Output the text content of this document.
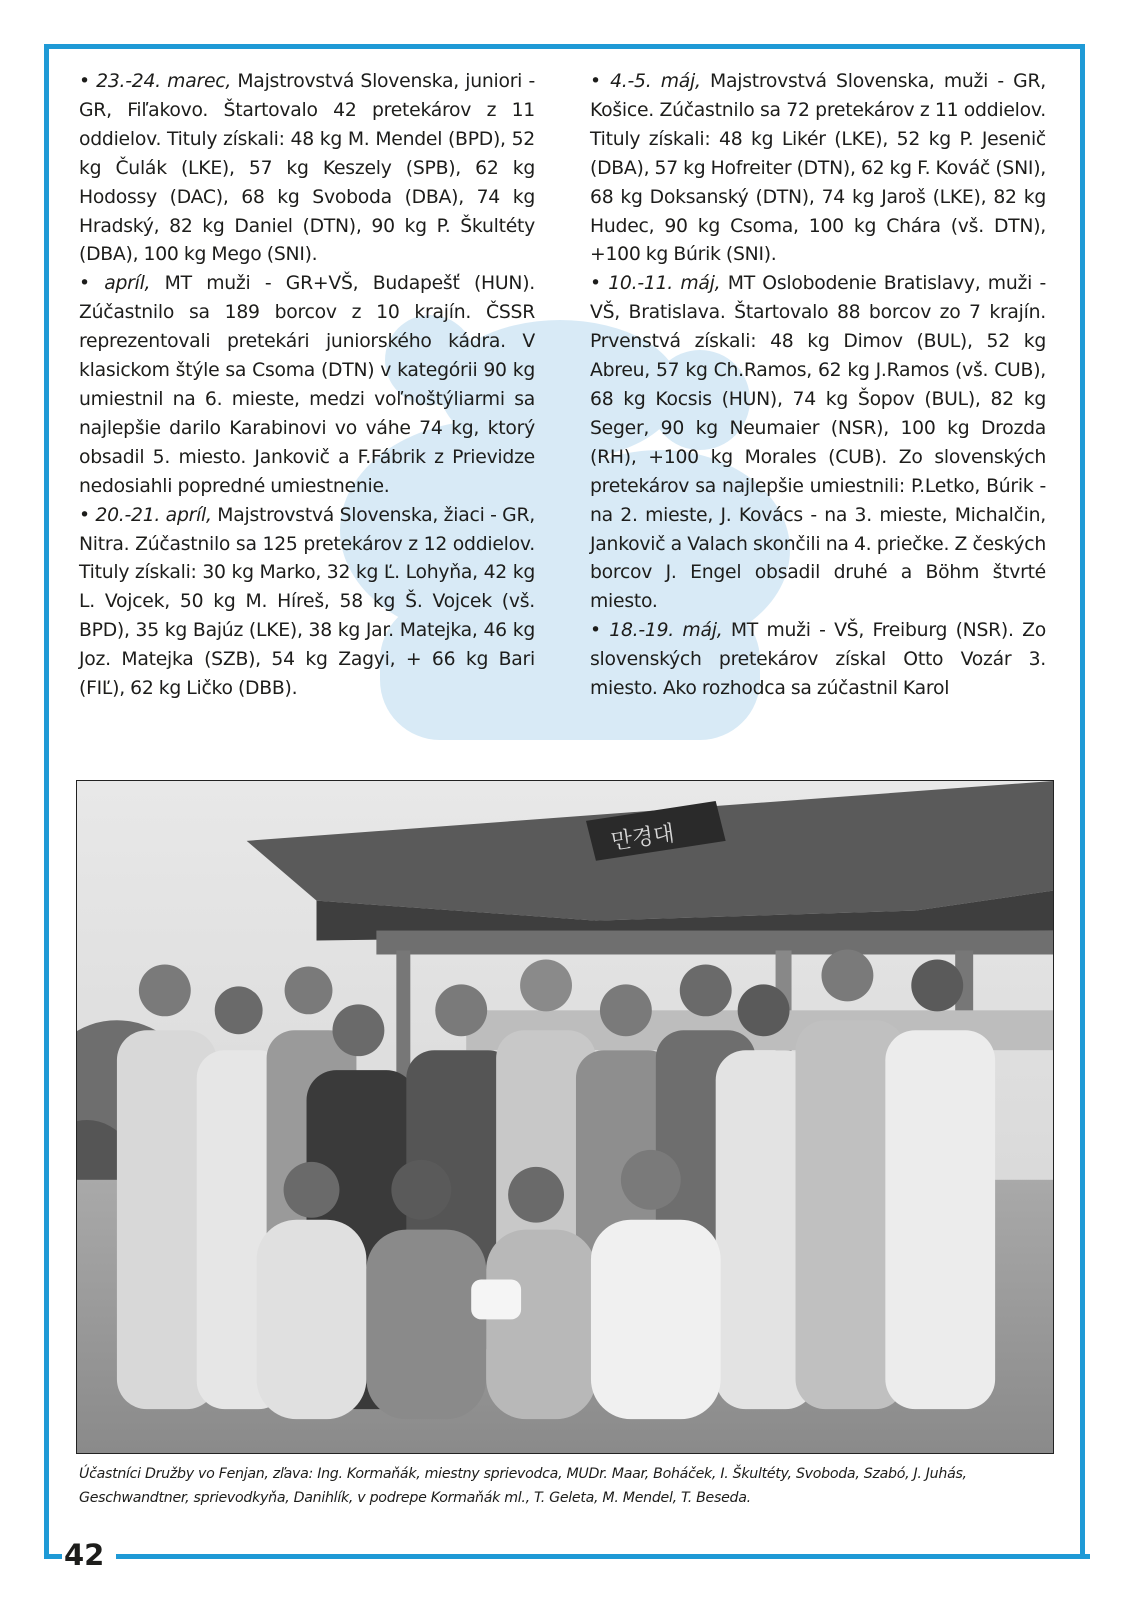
• 23.-24. marec, Majstrovstvá Slovenska, juniori - GR, Fiľakovo. Štartovalo 42 pretekárov z 11 oddielov. Tituly získali: 48 kg M. Mendel (BPD), 52 kg Čulák (LKE), 57 kg Keszely (SPB), 62 kg Hodossy (DAC), 68 kg Svoboda (DBA), 74 kg Hradský, 82 kg Daniel (DTN), 90 kg P. Škultéty (DBA), 100 kg Mego (SNI).

• apríl, MT muži - GR+VŠ, Budapešť (HUN). Zúčastnilo sa 189 borcov z 10 krajín. ČSSR reprezentovali pretekári juniorského kádra. V klasickom štýle sa Csoma (DTN) v kategórii 90 kg umiestnil na 6. mieste, medzi voľnoštýliarmi sa najlepšie darilo Karabinovi vo váhe 74 kg, ktorý obsadil 5. miesto. Jankovič a F.Fábrik z Prievidze nedosiahli popredné umiestnenie.

• 20.-21. apríl, Majstrovstvá Slovenska, žiaci - GR, Nitra. Zúčastnilo sa 125 pretekárov z 12 oddielov. Tituly získali: 30 kg Marko, 32 kg Ľ. Lohyňa, 42 kg L. Vojcek, 50 kg M. Híreš, 58 kg Š. Vojcek (vš. BPD), 35 kg Bajúz (LKE), 38 kg Jar. Matejka, 46 kg Joz. Matejka (SZB), 54 kg Zagyi, + 66 kg Bari (FIĽ), 62 kg Ličko (DBB).

• 4.-5. máj, Majstrovstvá Slovenska, muži - GR, Košice. Zúčastnilo sa 72 pretekárov z 11 oddielov. Tituly získali: 48 kg Likér (LKE), 52 kg P. Jesenič (DBA), 57 kg Hofreiter (DTN), 62 kg F. Kováč (SNI), 68 kg Doksanský (DTN), 74 kg Jaroš (LKE), 82 kg Hudec, 90 kg Csoma, 100 kg Chára (vš. DTN), +100 kg Búrik (SNI).

• 10.-11. máj, MT Oslobodenie Bratislavy, muži - VŠ, Bratislava. Štartovalo 88 borcov zo 7 krajín. Prvenstvá získali: 48 kg Dimov (BUL), 52 kg Abreu, 57 kg Ch.Ramos, 62 kg J.Ramos (vš. CUB), 68 kg Kocsis (HUN), 74 kg Šopov (BUL), 82 kg Seger, 90 kg Neumaier (NSR), 100 kg Drozda (RH), +100 kg Morales (CUB). Zo slovenských pretekárov sa najlepšie umiestnili: P.Letko, Búrik - na 2. mieste, J. Kovács - na 3. mieste, Michalčin, Jankovič a Valach skončili na 4. priečke. Z českých borcov J. Engel obsadil druhé a Böhm štvrté miesto.

• 18.-19. máj, MT muži - VŠ, Freiburg (NSR). Zo slovenských pretekárov získal Otto Vozár 3. miesto. Ako rozhodca sa zúčastnil Karol

만경대
Účastníci Družby vo Fenjan, zľava: Ing. Kormaňák, miestny sprievodca, MUDr. Maar, Boháček, I. Škultéty, Svoboda, Szabó, J. Juhás, Geschwandtner, sprievodkyňa, Danihlík, v podrepe Kormaňák ml., T. Geleta, M. Mendel, T. Beseda.
42
